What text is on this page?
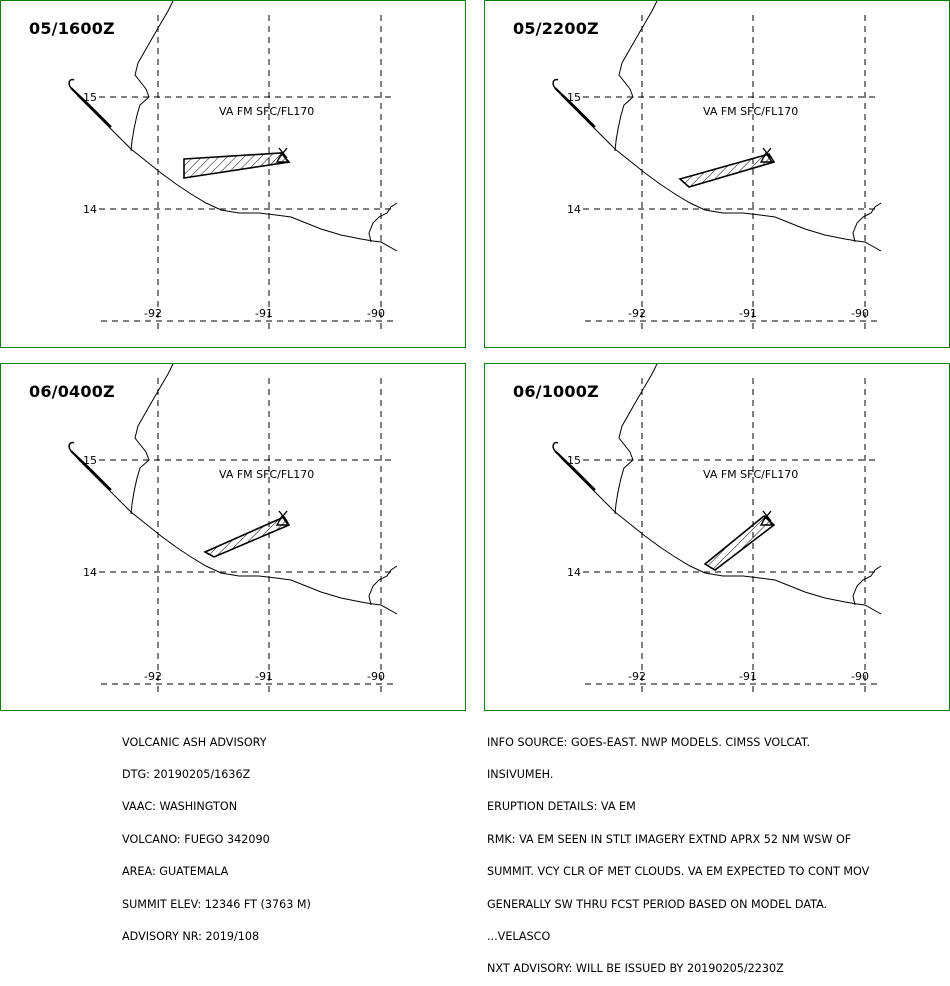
15
14
-92	-91	-90
VA FM SFC/FL170
05/1600Z
15
14
-92	-91	-90
VA FM SFC/FL170
05/2200Z
15
14
-92	-91	-90
VA FM SFC/FL170
06/0400Z
15
14
-92	-91	-90
VA FM SFC/FL170
06/1000Z

VOLCANIC ASH ADVISORY

DTG: 20190205/1636Z

VAAC: WASHINGTON

VOLCANO: FUEGO 342090

AREA: GUATEMALA

SUMMIT ELEV: 12346 FT (3763 M)

ADVISORY NR: 2019/108

INFO SOURCE: GOES-EAST. NWP MODELS. CIMSS VOLCAT.

INSIVUMEH.

ERUPTION DETAILS: VA EM

RMK: VA EM SEEN IN STLT IMAGERY EXTND APRX 52 NM WSW OF

SUMMIT. VCY CLR OF MET CLOUDS. VA EM EXPECTED TO CONT MOV

GENERALLY SW THRU FCST PERIOD BASED ON MODEL DATA.

...VELASCO

NXT ADVISORY: WILL BE ISSUED BY 20190205/2230Z
